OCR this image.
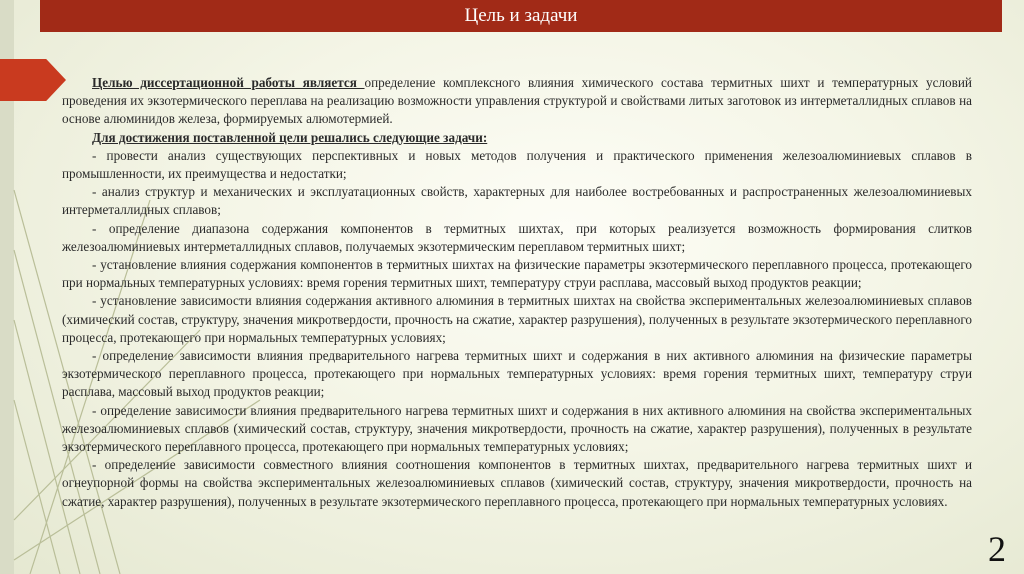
Цель и задачи

Целью диссертационной работы является определение комплексного влияния химического состава термитных шихт и температурных условий проведения их экзотермического переплава на реализацию возможности управления структурой и свойствами литых заготовок из интерметаллидных сплавов на основе алюминидов железа, формируемых алюмотермией.

Для достижения поставленной цели решались следующие задачи:

- провести анализ существующих перспективных и новых методов получения и практического применения железоалюминиевых сплавов в промышленности, их преимущества и недостатки;

- анализ структур и механических и эксплуатационных свойств, характерных для наиболее востребованных и распространенных железоалюминиевых интерметаллидных сплавов;

- определение диапазона содержания компонентов в термитных шихтах, при которых реализуется возможность формирования слитков железоалюминиевых интерметаллидных сплавов, получаемых экзотермическим переплавом термитных шихт;

- установление влияния содержания компонентов в термитных шихтах на физические параметры экзотермического переплавного процесса, протекающего при нормальных температурных условиях: время горения термитных шихт, температуру струи расплава, массовый выход продуктов реакции;

- установление зависимости влияния содержания активного алюминия в термитных шихтах на свойства экспериментальных железоалюминиевых сплавов (химический состав, структуру, значения микротвердости, прочность на сжатие, характер разрушения), полученных в результате экзотермического переплавного процесса, протекающего при нормальных температурных условиях;

- определение зависимости влияния предварительного нагрева термитных шихт и содержания в них активного алюминия на физические параметры экзотермического переплавного процесса, протекающего при нормальных температурных условиях: время горения термитных шихт, температуру струи расплава, массовый выход продуктов реакции;

- определение зависимости влияния предварительного нагрева термитных шихт и содержания в них активного алюминия на свойства экспериментальных железоалюминиевых сплавов (химический состав, структуру, значения микротвердости, прочность на сжатие, характер разрушения), полученных в результате экзотермического переплавного процесса, протекающего при нормальных температурных условиях;

- определение зависимости совместного влияния соотношения компонентов в термитных шихтах, предварительного нагрева термитных шихт и огнеупорной формы на свойства экспериментальных железоалюминиевых сплавов (химический состав, структуру, значения микротвердости, прочность на сжатие, характер разрушения), полученных в результате экзотермического переплавного процесса, протекающего при нормальных температурных условиях.

2
